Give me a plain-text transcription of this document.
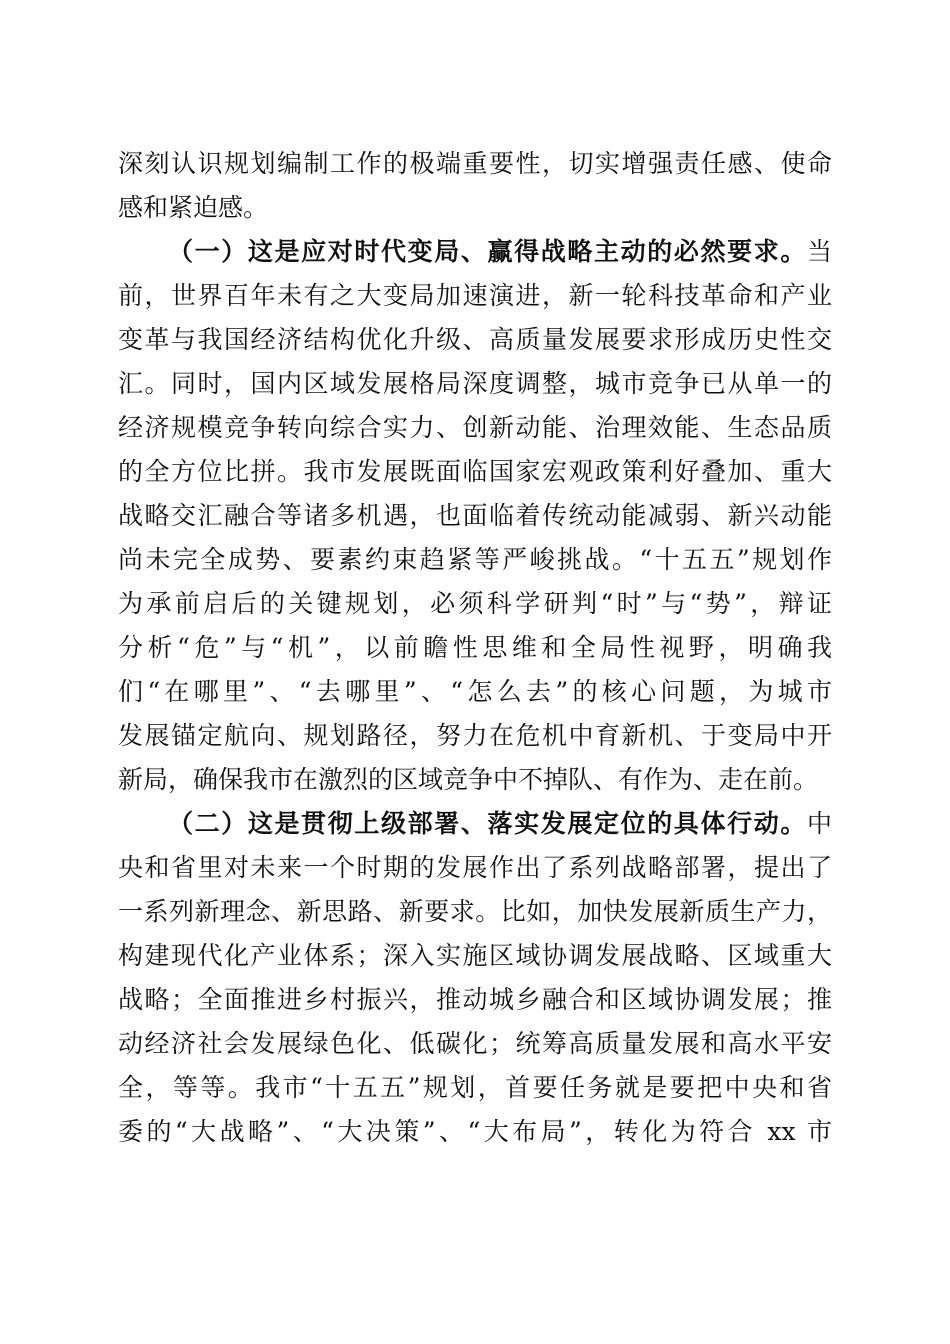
深刻认识规划编制工作的极端重要性，切实增强责任感、使命
感和紧迫感。
（一）这是应对时代变局、赢得战略主动的必然要求。当
前，世界百年未有之大变局加速演进，新一轮科技革命和产业
变革与我国经济结构优化升级、高质量发展要求形成历史性交
汇。同时，国内区域发展格局深度调整，城市竞争已从单一的
经济规模竞争转向综合实力、创新动能、治理效能、生态品质
的全方位比拼。我市发展既面临国家宏观政策利好叠加、重大
战略交汇融合等诸多机遇，也面临着传统动能减弱、新兴动能
尚未完全成势、要素约束趋紧等严峻挑战。“十五五”规划作
为承前启后的关键规划，必须科学研判“时”与“势”，辩证
分析“危”与“机”，以前瞻性思维和全局性视野，明确我
们“在哪里”、“去哪里”、“怎么去”的核心问题，为城市
发展锚定航向、规划路径，努力在危机中育新机、于变局中开
新局，确保我市在激烈的区域竞争中不掉队、有作为、走在前。
（二）这是贯彻上级部署、落实发展定位的具体行动。中
央和省里对未来一个时期的发展作出了系列战略部署，提出了
一系列新理念、新思路、新要求。比如，加快发展新质生产力，
构建现代化产业体系；深入实施区域协调发展战略、区域重大
战略；全面推进乡村振兴，推动城乡融合和区域协调发展；推
动经济社会发展绿色化、低碳化；统筹高质量发展和高水平安
全，等等。我市“十五五”规划，首要任务就是要把中央和省
委的“大战略”、“大决策”、“大布局”，转化为符合 xx 市
